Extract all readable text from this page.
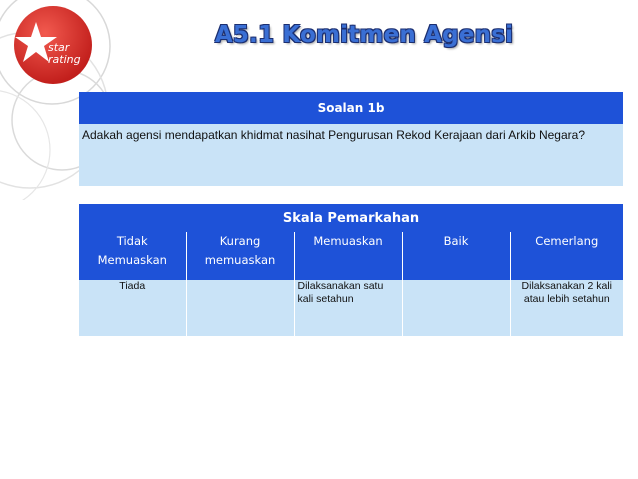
star
rating
A5.1 Komitmen Agensi
Soalan 1b
Adakah agensi mendapatkan khidmat nasihat Pengurusan Rekod Kerajaan dari Arkib Negara?
Skala Pemarkahan				
Tidak Memuaskan	Kurang memuaskan	Memuaskan	Baik	Cemerlang
Tiada		Dilaksanakan satu kali setahun		Dilaksanakan 2 kali atau lebih setahun
